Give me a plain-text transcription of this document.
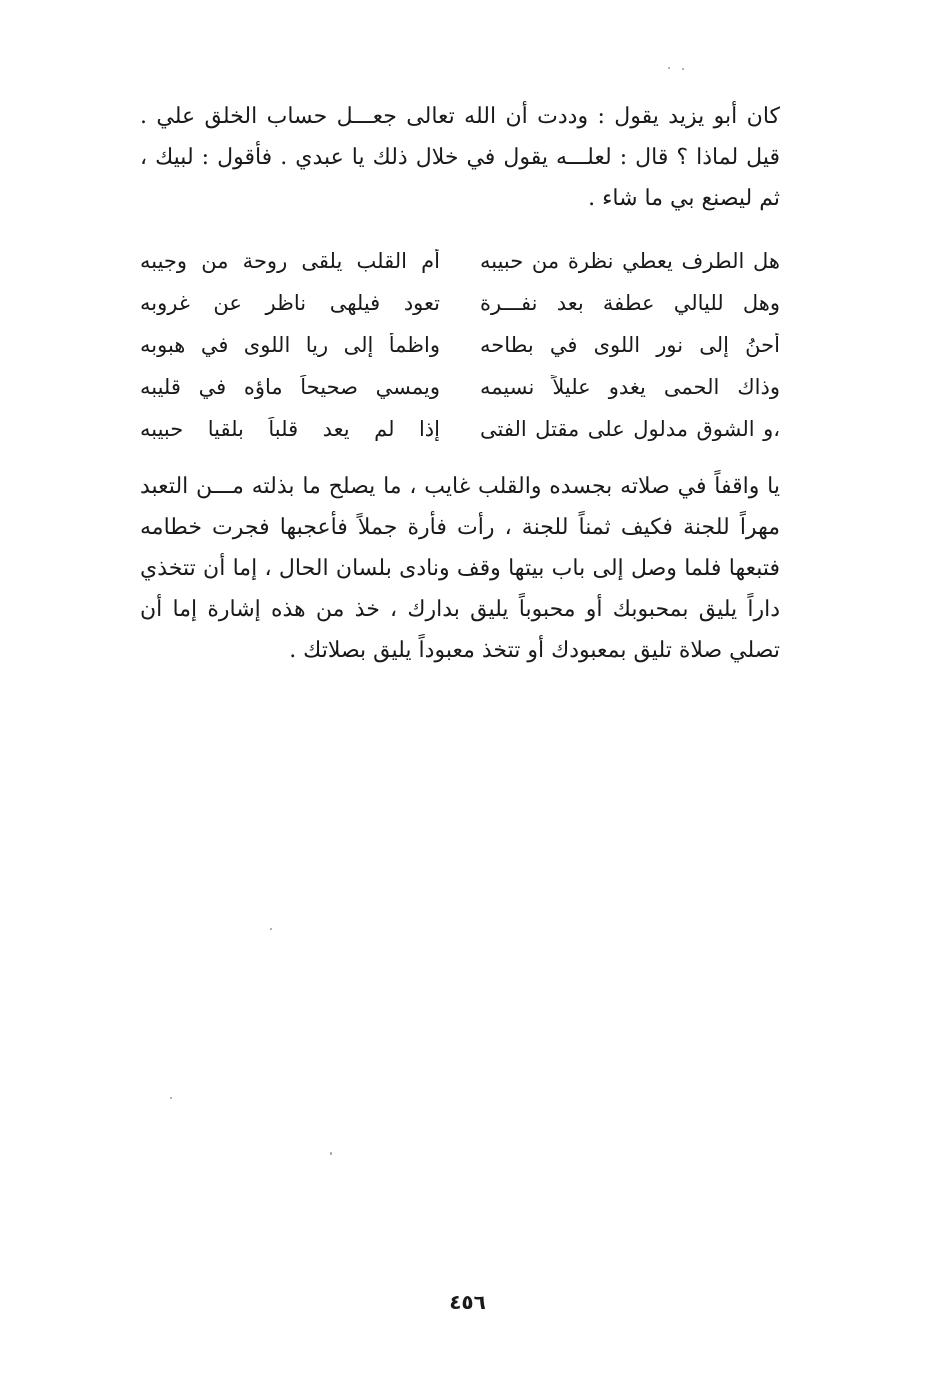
كان أبو يزيد يقول : وددت أن الله تعالى جعـــل حساب الخلق علي . قيل لماذا ؟ قال : لعلـــه يقول في خلال ذلك يا عبدي . فأقول : لبيك ، ثم ليصنع بي ما شاء .

هل الطرف يعطي نظرة من حبيبه
أم القلب يلقى روحة من وجيبه
وهل لليالي عطفة بعد نفـــرة
تعود فيلهى ناظر عن غروبه
أحنُ إلى نور اللوى في بطاحه
واظمأ إلى ريا اللوى في هبوبه
وذاك الحمى يغدو عليلاً نسيمه
ويمسي صحيحاً ماؤه في قليبه
،و الشوق مدلول على مقتل الفتى
إذا لم يعد قلباً بلقيا حبيبه

يا واقفاً في صلاته بجسده والقلب غايب ، ما يصلح ما بذلته مـــن التعبد مهراً للجنة فكيف ثمناً للجنة ، رأت فأرة جملاً فأعجبها فجرت خطامه فتبعها فلما وصل إلى باب بيتها وقف ونادى بلسان الحال ، إما أن تتخذي داراً يليق بمحبوبك أو محبوباً يليق بدارك ، خذ من هذه إشارة إما أن تصلي صلاة تليق بمعبودك أو تتخذ معبوداً يليق بصلاتك .

٤٥٦
